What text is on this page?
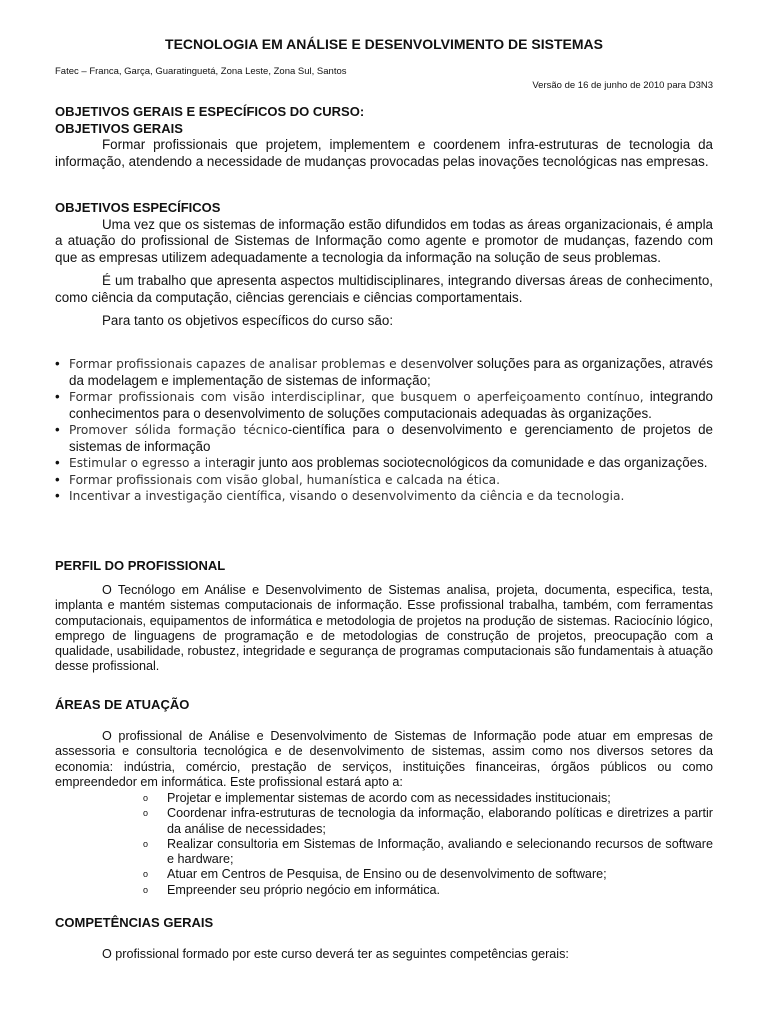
TECNOLOGIA EM ANÁLISE E DESENVOLVIMENTO DE SISTEMAS
Fatec – Franca, Garça, Guaratinguetá, Zona Leste, Zona Sul, Santos
Versão de 16 de junho de 2010 para D3N3
OBJETIVOS GERAIS E ESPECÍFICOS DO CURSO:
OBJETIVOS GERAIS

Formar profissionais que projetem, implementem e coordenem infra-estruturas de tecnologia da informação, atendendo a necessidade de mudanças provocadas pelas inovações tecnológicas nas empresas.

OBJETIVOS ESPECÍFICOS

Uma vez que os sistemas de informação estão difundidos em todas as áreas organizacionais, é ampla a atuação do profissional de Sistemas de Informação como agente e promotor de mudanças, fazendo com que as empresas utilizem adequadamente a tecnologia da informação na solução de seus problemas.

É um trabalho que apresenta aspectos multidisciplinares, integrando diversas áreas de conhecimento, como ciência da computação, ciências gerenciais e ciências comportamentais.

Para tanto os objetivos específicos do curso são:

• Formar profissionais capazes de analisar problemas e desenvolver soluções para as organizações, através da modelagem e implementação de sistemas de informação;
• Formar profissionais com visão interdisciplinar, que busquem o aperfeiçoamento contínuo, integrando conhecimentos para o desenvolvimento de soluções computacionais adequadas às organizações.
• Promover sólida formação técnico-científica para o desenvolvimento e gerenciamento de projetos de sistemas de informação
• Estimular o egresso a interagir junto aos problemas sociotecnológicos da comunidade e das organizações.
• Formar profissionais com visão global, humanística e calcada na ética.
• Incentivar a investigação científica, visando o desenvolvimento da ciência e da tecnologia.
PERFIL DO PROFISSIONAL
O Tecnólogo em Análise e Desenvolvimento de Sistemas analisa, projeta, documenta, especifica, testa, implanta e mantém sistemas computacionais de informação. Esse profissional trabalha, também, com ferramentas computacionais, equipamentos de informática e metodologia de projetos na produção de sistemas. Raciocínio lógico, emprego de linguagens de programação e de metodologias de construção de projetos, preocupação com a qualidade, usabilidade, robustez, integridade e segurança de programas computacionais são fundamentais à atuação desse profissional.
ÁREAS DE ATUAÇÃO
O profissional de Análise e Desenvolvimento de Sistemas de Informação pode atuar em empresas de assessoria e consultoria tecnológica e de desenvolvimento de sistemas, assim como nos diversos setores da economia: indústria, comércio, prestação de serviços, instituições financeiras, órgãos públicos ou como empreendedor em informática. Este profissional estará apto a:
o	Projetar e implementar sistemas de acordo com as necessidades institucionais;
o	Coordenar infra-estruturas de tecnologia da informação, elaborando políticas e diretrizes a partir da análise de necessidades;
o	Realizar consultoria em Sistemas de Informação, avaliando e selecionando recursos de software e hardware;
o	Atuar em Centros de Pesquisa, de Ensino ou de desenvolvimento de software;
o	Empreender seu próprio negócio em informática.
COMPETÊNCIAS GERAIS
O profissional formado por este curso deverá ter as seguintes competências gerais:
